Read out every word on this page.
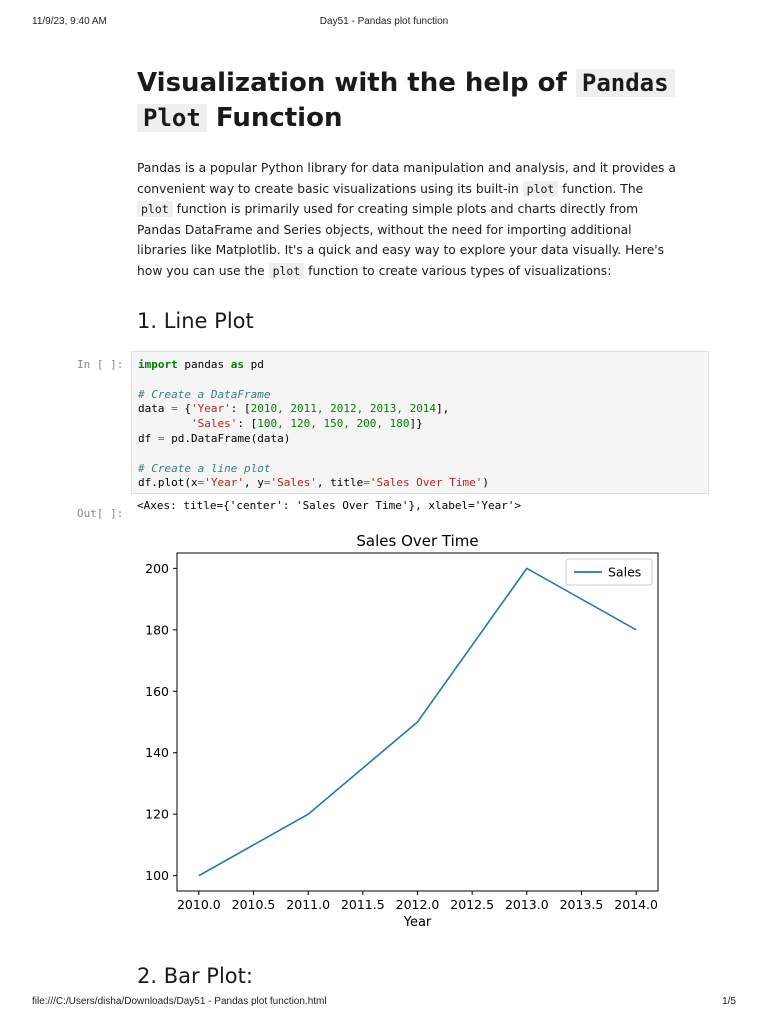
11/9/23, 9:40 AM	Day51 - Pandas plot function
Visualization with the help of Pandas Plot Function

Pandas is a popular Python library for data manipulation and analysis, and it provides a convenient way to create basic visualizations using its built-in plot function. The plot function is primarily used for creating simple plots and charts directly from Pandas DataFrame and Series objects, without the need for importing additional libraries like Matplotlib. It's a quick and easy way to explore your data visually. Here's how you can use the plot function to create various types of visualizations:

1. Line Plot
In [ ]:	import pandas as pd

# Create a DataFrame
data = {'Year': [2010, 2011, 2012, 2013, 2014],
'Sales': [100, 120, 150, 200, 180]}
df = pd.DataFrame(data)

# Create a line plot
df.plot(x='Year', y='Sales', title='Sales Over Time')
Out[ ]:
<Axes: title={'center': 'Sales Over Time'}, xlabel='Year'>
Sales Over Time
2010.0 2010.5 2011.0 2011.5 2012.0 2012.5 2013.0 2013.5 2014.0
100
120
140
160
180
200
Year
Sales
2. Bar Plot:
file:///C:/Users/disha/Downloads/Day51 - Pandas plot function.html	1/5
